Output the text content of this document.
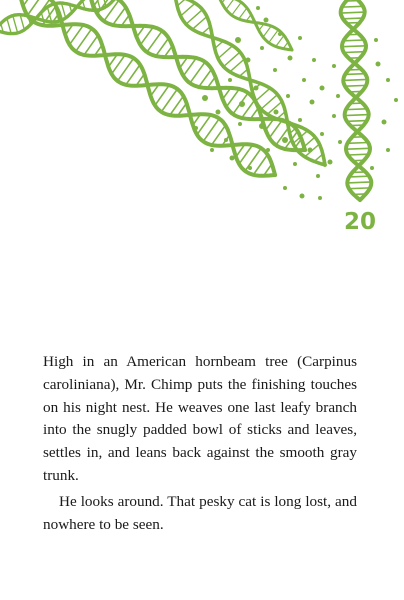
20

High in an American hornbeam tree (Carpinus caroliniana), Mr. Chimp puts the finishing touches on his night nest. He weaves one last leafy branch into the snugly padded bowl of sticks and leaves, settles in, and leans back against the smooth gray trunk.

He looks around. That pesky cat is long lost, and nowhere to be seen.
